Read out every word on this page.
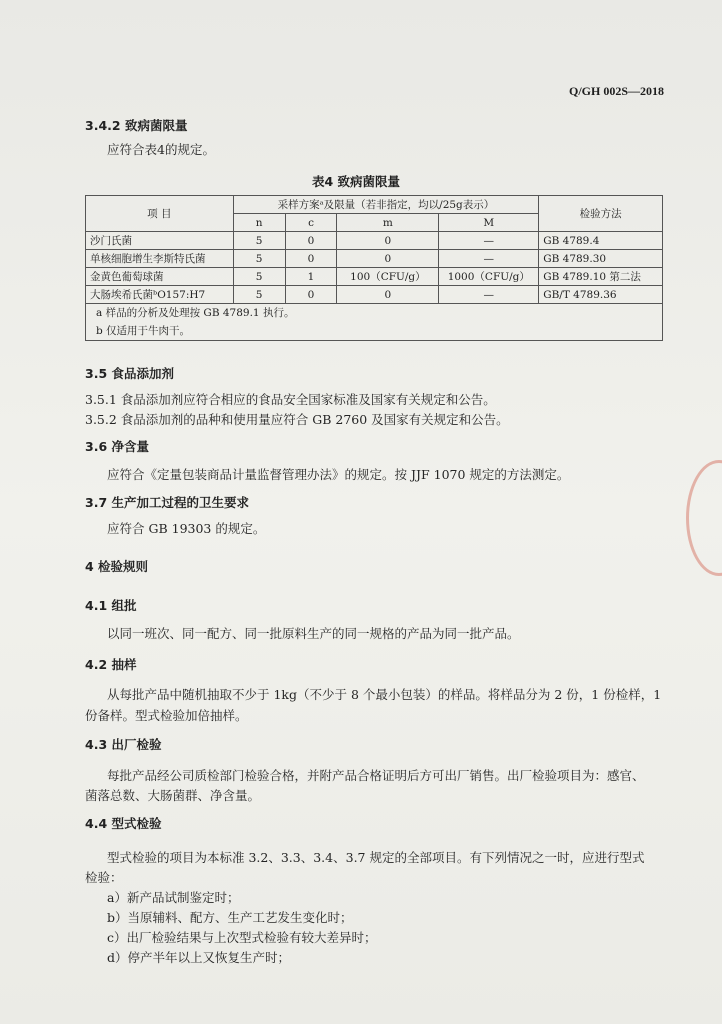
Q/GH 002S—2018
3.4.2 致病菌限量
应符合表4的规定。
表4 致病菌限量
项 目	采样方案ᵃ及限量（若非指定，均以/25g表示）				检验方法
	n	c	m	M	
沙门氏菌	5	0	0	—	GB 4789.4
单核细胞增生李斯特氏菌	5	0	0	—	GB 4789.30
金黄色葡萄球菌	5	1	100（CFU/g）	1000（CFU/g）	GB 4789.10 第二法
大肠埃希氏菌ᵇO157:H7	5	0	0	—	GB/T 4789.36

a 样品的分析及处理按 GB 4789.1 执行。
b 仅适用于牛肉干。					
3.5 食品添加剂
3.5.1 食品添加剂应符合相应的食品安全国家标准及国家有关规定和公告。
3.5.2 食品添加剂的品种和使用量应符合 GB 2760 及国家有关规定和公告。
3.6 净含量
应符合《定量包装商品计量监督管理办法》的规定。按 JJF 1070 规定的方法测定。
3.7 生产加工过程的卫生要求
应符合 GB 19303 的规定。
4 检验规则
4.1 组批
以同一班次、同一配方、同一批原料生产的同一规格的产品为同一批产品。
4.2 抽样
从每批产品中随机抽取不少于 1kg（不少于 8 个最小包装）的样品。将样品分为 2 份，1 份检样，1
份备样。型式检验加倍抽样。
4.3 出厂检验
每批产品经公司质检部门检验合格，并附产品合格证明后方可出厂销售。出厂检验项目为：感官、
菌落总数、大肠菌群、净含量。
4.4 型式检验
型式检验的项目为本标准 3.2、3.3、3.4、3.7 规定的全部项目。有下列情况之一时，应进行型式
检验：
a）新产品试制鉴定时；
b）当原辅料、配方、生产工艺发生变化时；
c）出厂检验结果与上次型式检验有较大差异时；
d）停产半年以上又恢复生产时；
